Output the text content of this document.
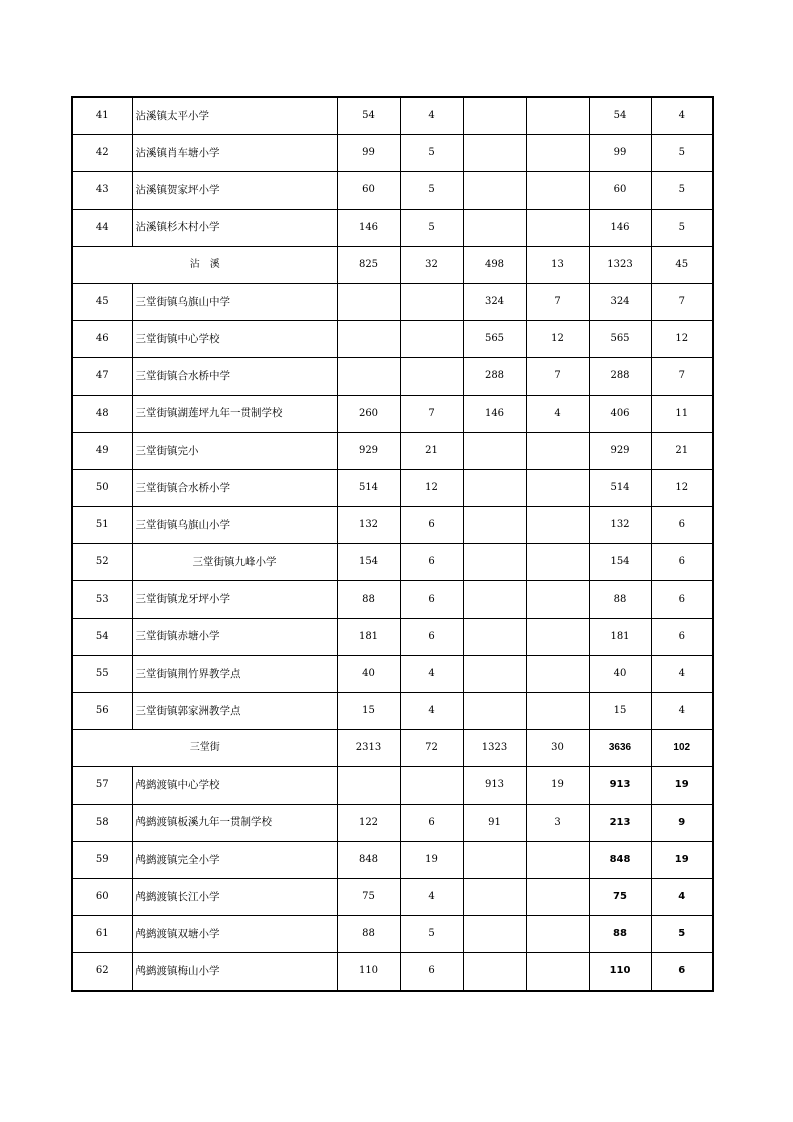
41	沾溪镇太平小学	54	4			54	4
42	沾溪镇肖车塘小学	99	5			99	5
43	沾溪镇贺家坪小学	60	5			60	5
44	沾溪镇杉木村小学	146	5			146	5
沾　溪		825	32	498	13	1323	45
45	三堂街镇乌旗山中学			324	7	324	7
46	三堂街镇中心学校			565	12	565	12
47	三堂街镇合水桥中学			288	7	288	7
48	三堂街镇湖莲坪九年一贯制学校	260	7	146	4	406	11
49	三堂街镇完小	929	21			929	21
50	三堂街镇合水桥小学	514	12			514	12
51	三堂街镇乌旗山小学	132	6			132	6
52	三堂街镇九峰小学	154	6			154	6
53	三堂街镇龙牙坪小学	88	6			88	6
54	三堂街镇赤塘小学	181	6			181	6
55	三堂街镇荆竹界教学点	40	4			40	4
56	三堂街镇郭家洲教学点	15	4			15	4
三堂街		2313	72	1323	30	3636	102
57	鸬鹚渡镇中心学校			913	19	913	19
58	鸬鹚渡镇板溪九年一贯制学校	122	6	91	3	213	9
59	鸬鹚渡镇完全小学	848	19			848	19
60	鸬鹚渡镇长江小学	75	4			75	4
61	鸬鹚渡镇双塘小学	88	5			88	5
62	鸬鹚渡镇梅山小学	110	6			110	6
